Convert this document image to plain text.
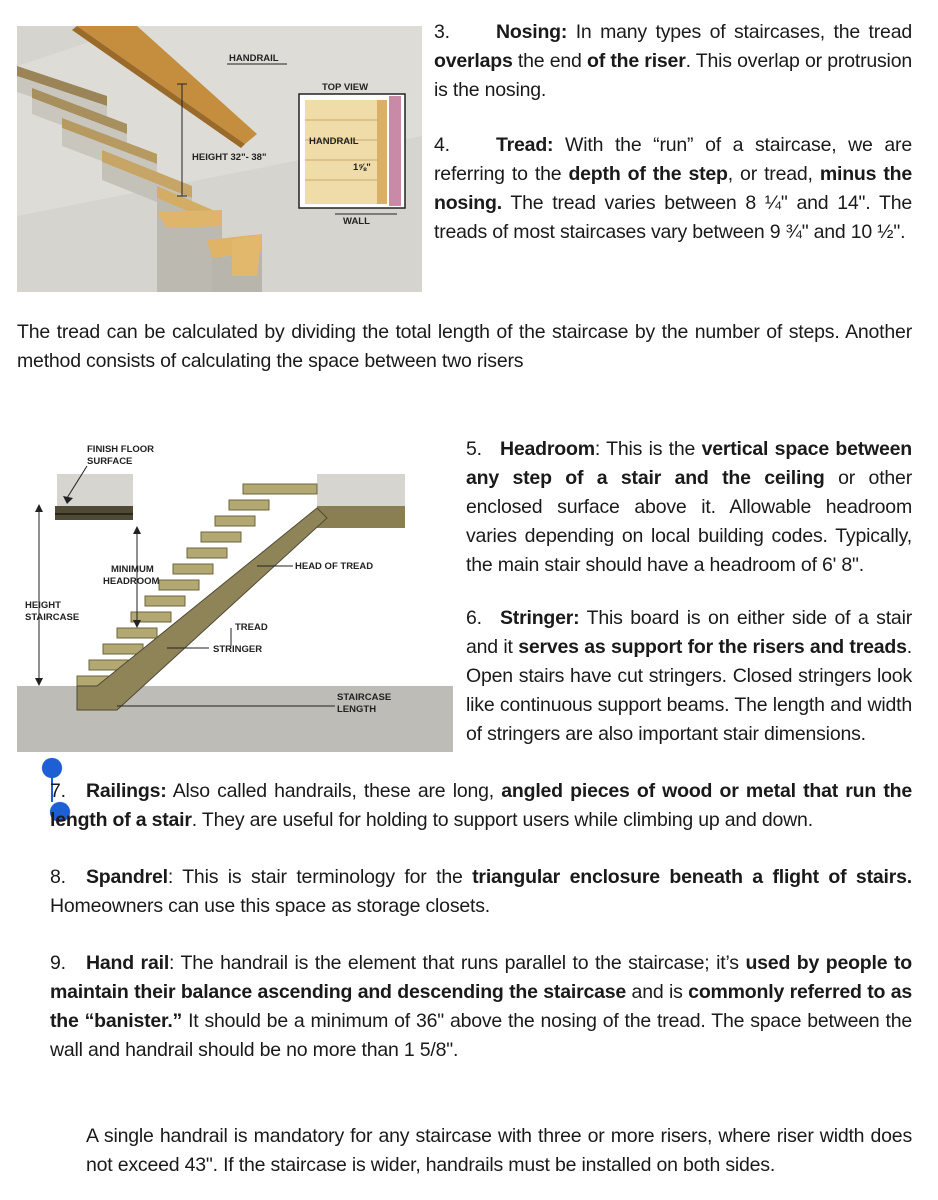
HANDRAIL
HEIGHT 32"- 38"
TOP VIEW
HANDRAIL
1⅝"
WALL

3. Nosing: In many types of staircases, the tread overlaps the end of the riser. This overlap or protrusion is the nosing.

4. Tread: With the “run” of a staircase, we are referring to the depth of the step, or tread, minus the nosing. The tread varies between 8 ¼" and 14". The treads of most staircases vary between 9 ¾" and 10 ½".

The tread can be calculated by dividing the total length of the staircase by the number of steps. Another method consists of calculating the space between two risers

FINISH FLOOR
SURFACE
MINIMUM
HEADROOM
HEAD OF TREAD
HEIGHT
STAIRCASE
TREAD
STRINGER
STAIRCASE
LENGTH

5. Headroom: This is the vertical space between any step of a stair and the ceiling or other enclosed surface above it. Allowable headroom varies depending on local building codes. Typically, the main stair should have a headroom of 6' 8".

6. Stringer: This board is on either side of a stair and it serves as support for the risers and treads. Open stairs have cut stringers. Closed stringers look like continuous support beams. The length and width of stringers are also important stair dimensions.

7. Railings: Also called handrails, these are long, angled pieces of wood or metal that run the length of a stair. They are useful for holding to support users while climbing up and down.

8. Spandrel: This is stair terminology for the triangular enclosure beneath a flight of stairs. Homeowners can use this space as storage closets.

9. Hand rail: The handrail is the element that runs parallel to the staircase; it’s used by people to maintain their balance ascending and descending the staircase and is commonly referred to as the “banister.” It should be a minimum of 36" above the nosing of the tread. The space between the wall and handrail should be no more than 1 5/8".

A single handrail is mandatory for any staircase with three or more risers, where riser width does not exceed 43". If the staircase is wider, handrails must be installed on both sides.
